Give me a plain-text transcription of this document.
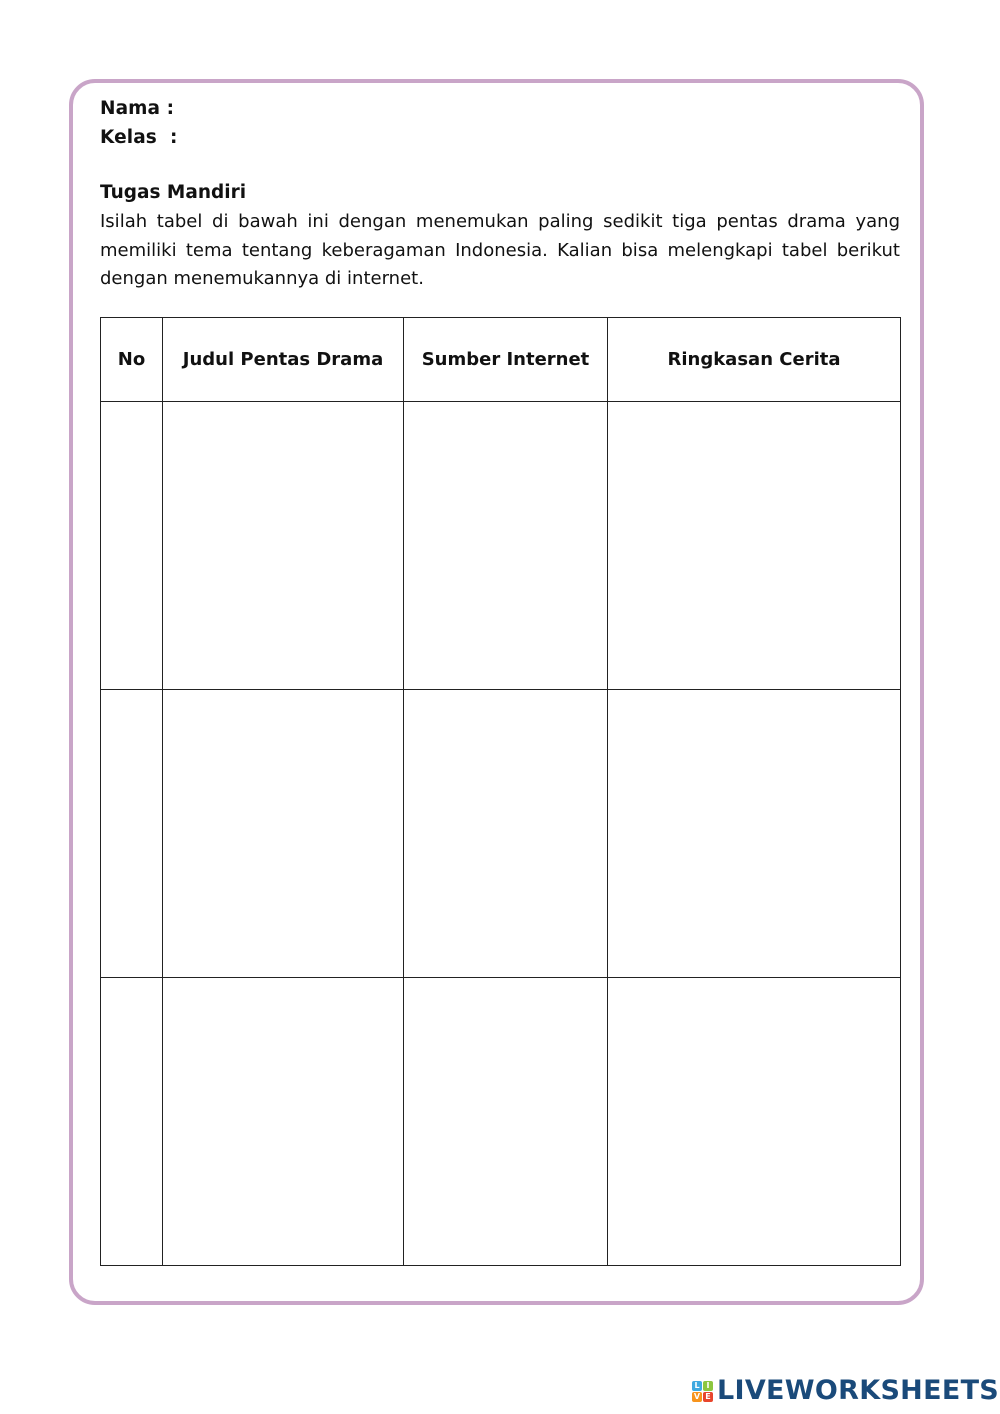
Nama :
Kelas  :
Tugas Mandiri
Isilah tabel di bawah ini dengan menemukan paling sedikit tiga pentas drama yang
memiliki tema tentang keberagaman Indonesia. Kalian bisa melengkapi tabel berikut
dengan menemukannya di internet.
No	Judul Pentas Drama	Sumber Internet	Ringkasan Cerita

L I
V E LIVEWORKSHEETS
